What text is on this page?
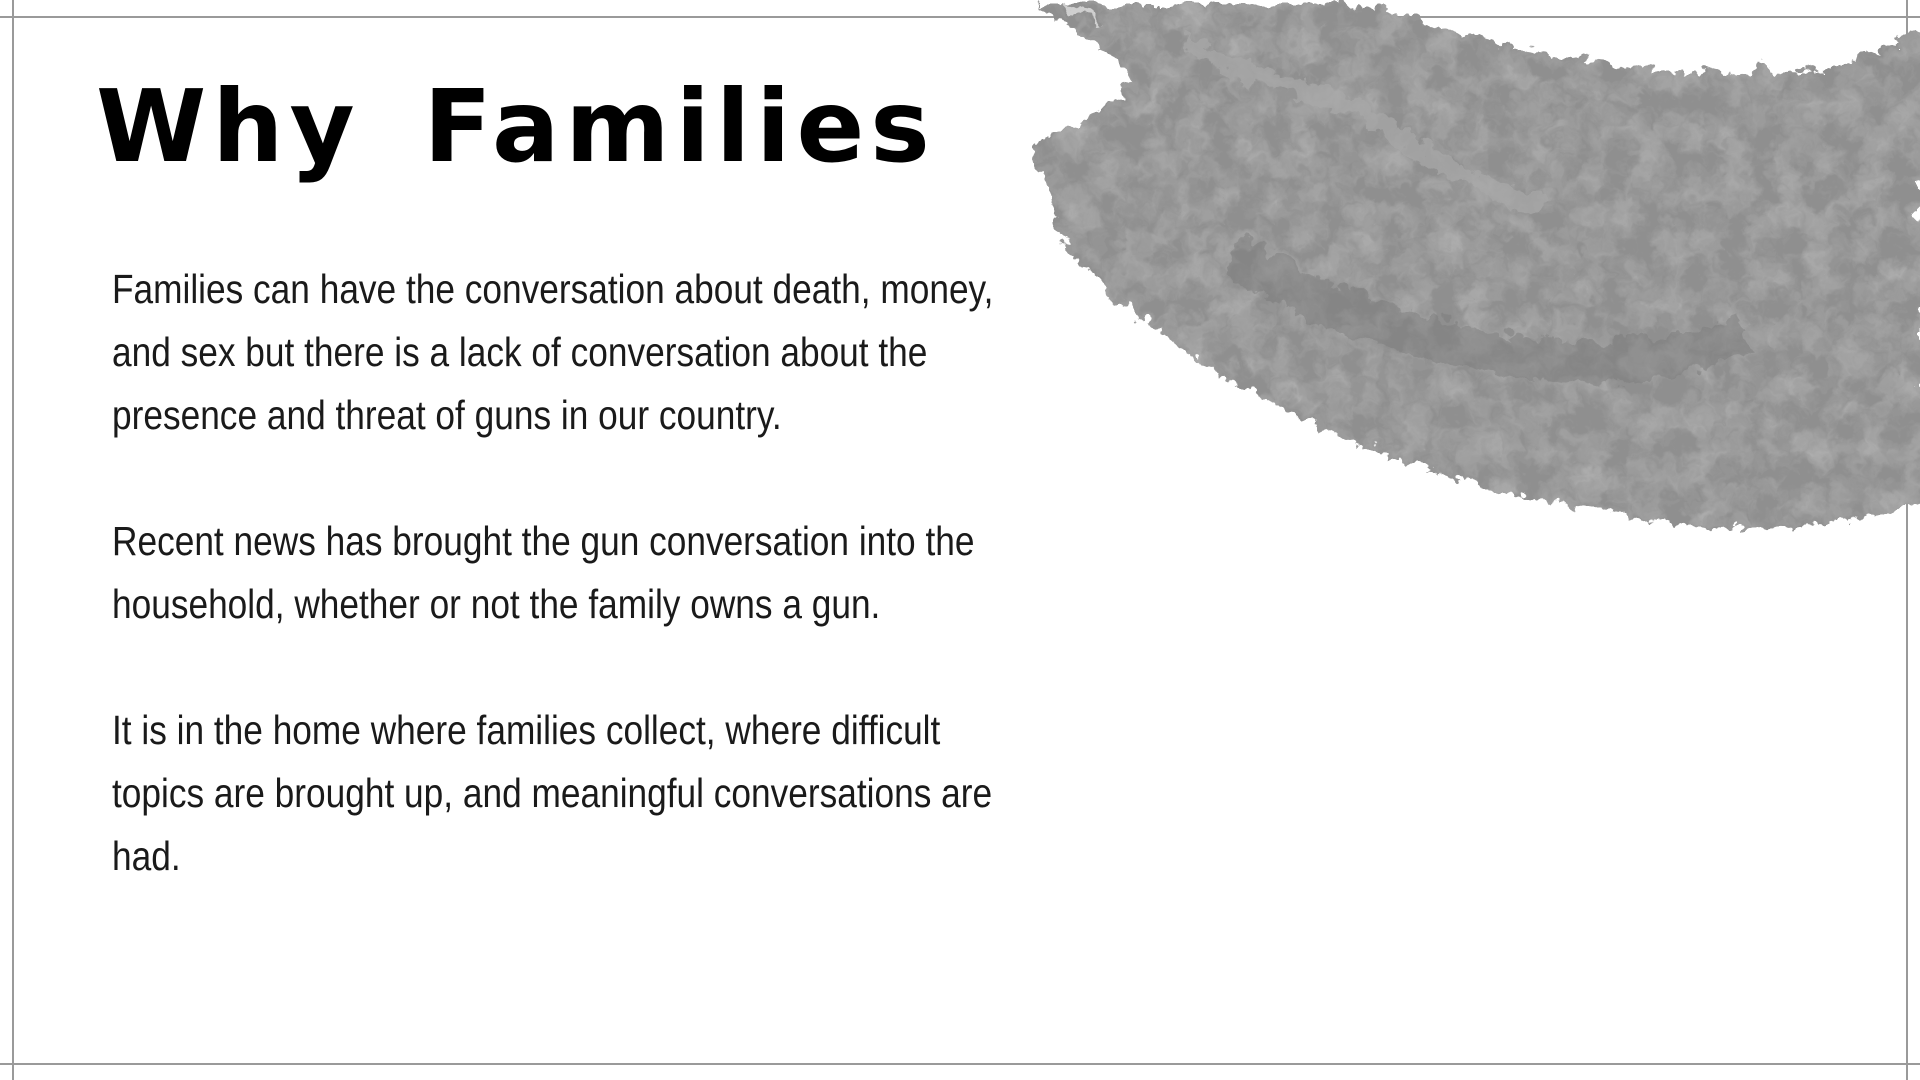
Why Families

Families can have the conversation about death, money, and sex but there is a lack of conversation about the presence and threat of guns in our country.

Recent news has brought the gun conversation into the household, whether or not the family owns a gun.

It is in the home where families collect, where difficult topics are brought up, and meaningful conversations are had.
